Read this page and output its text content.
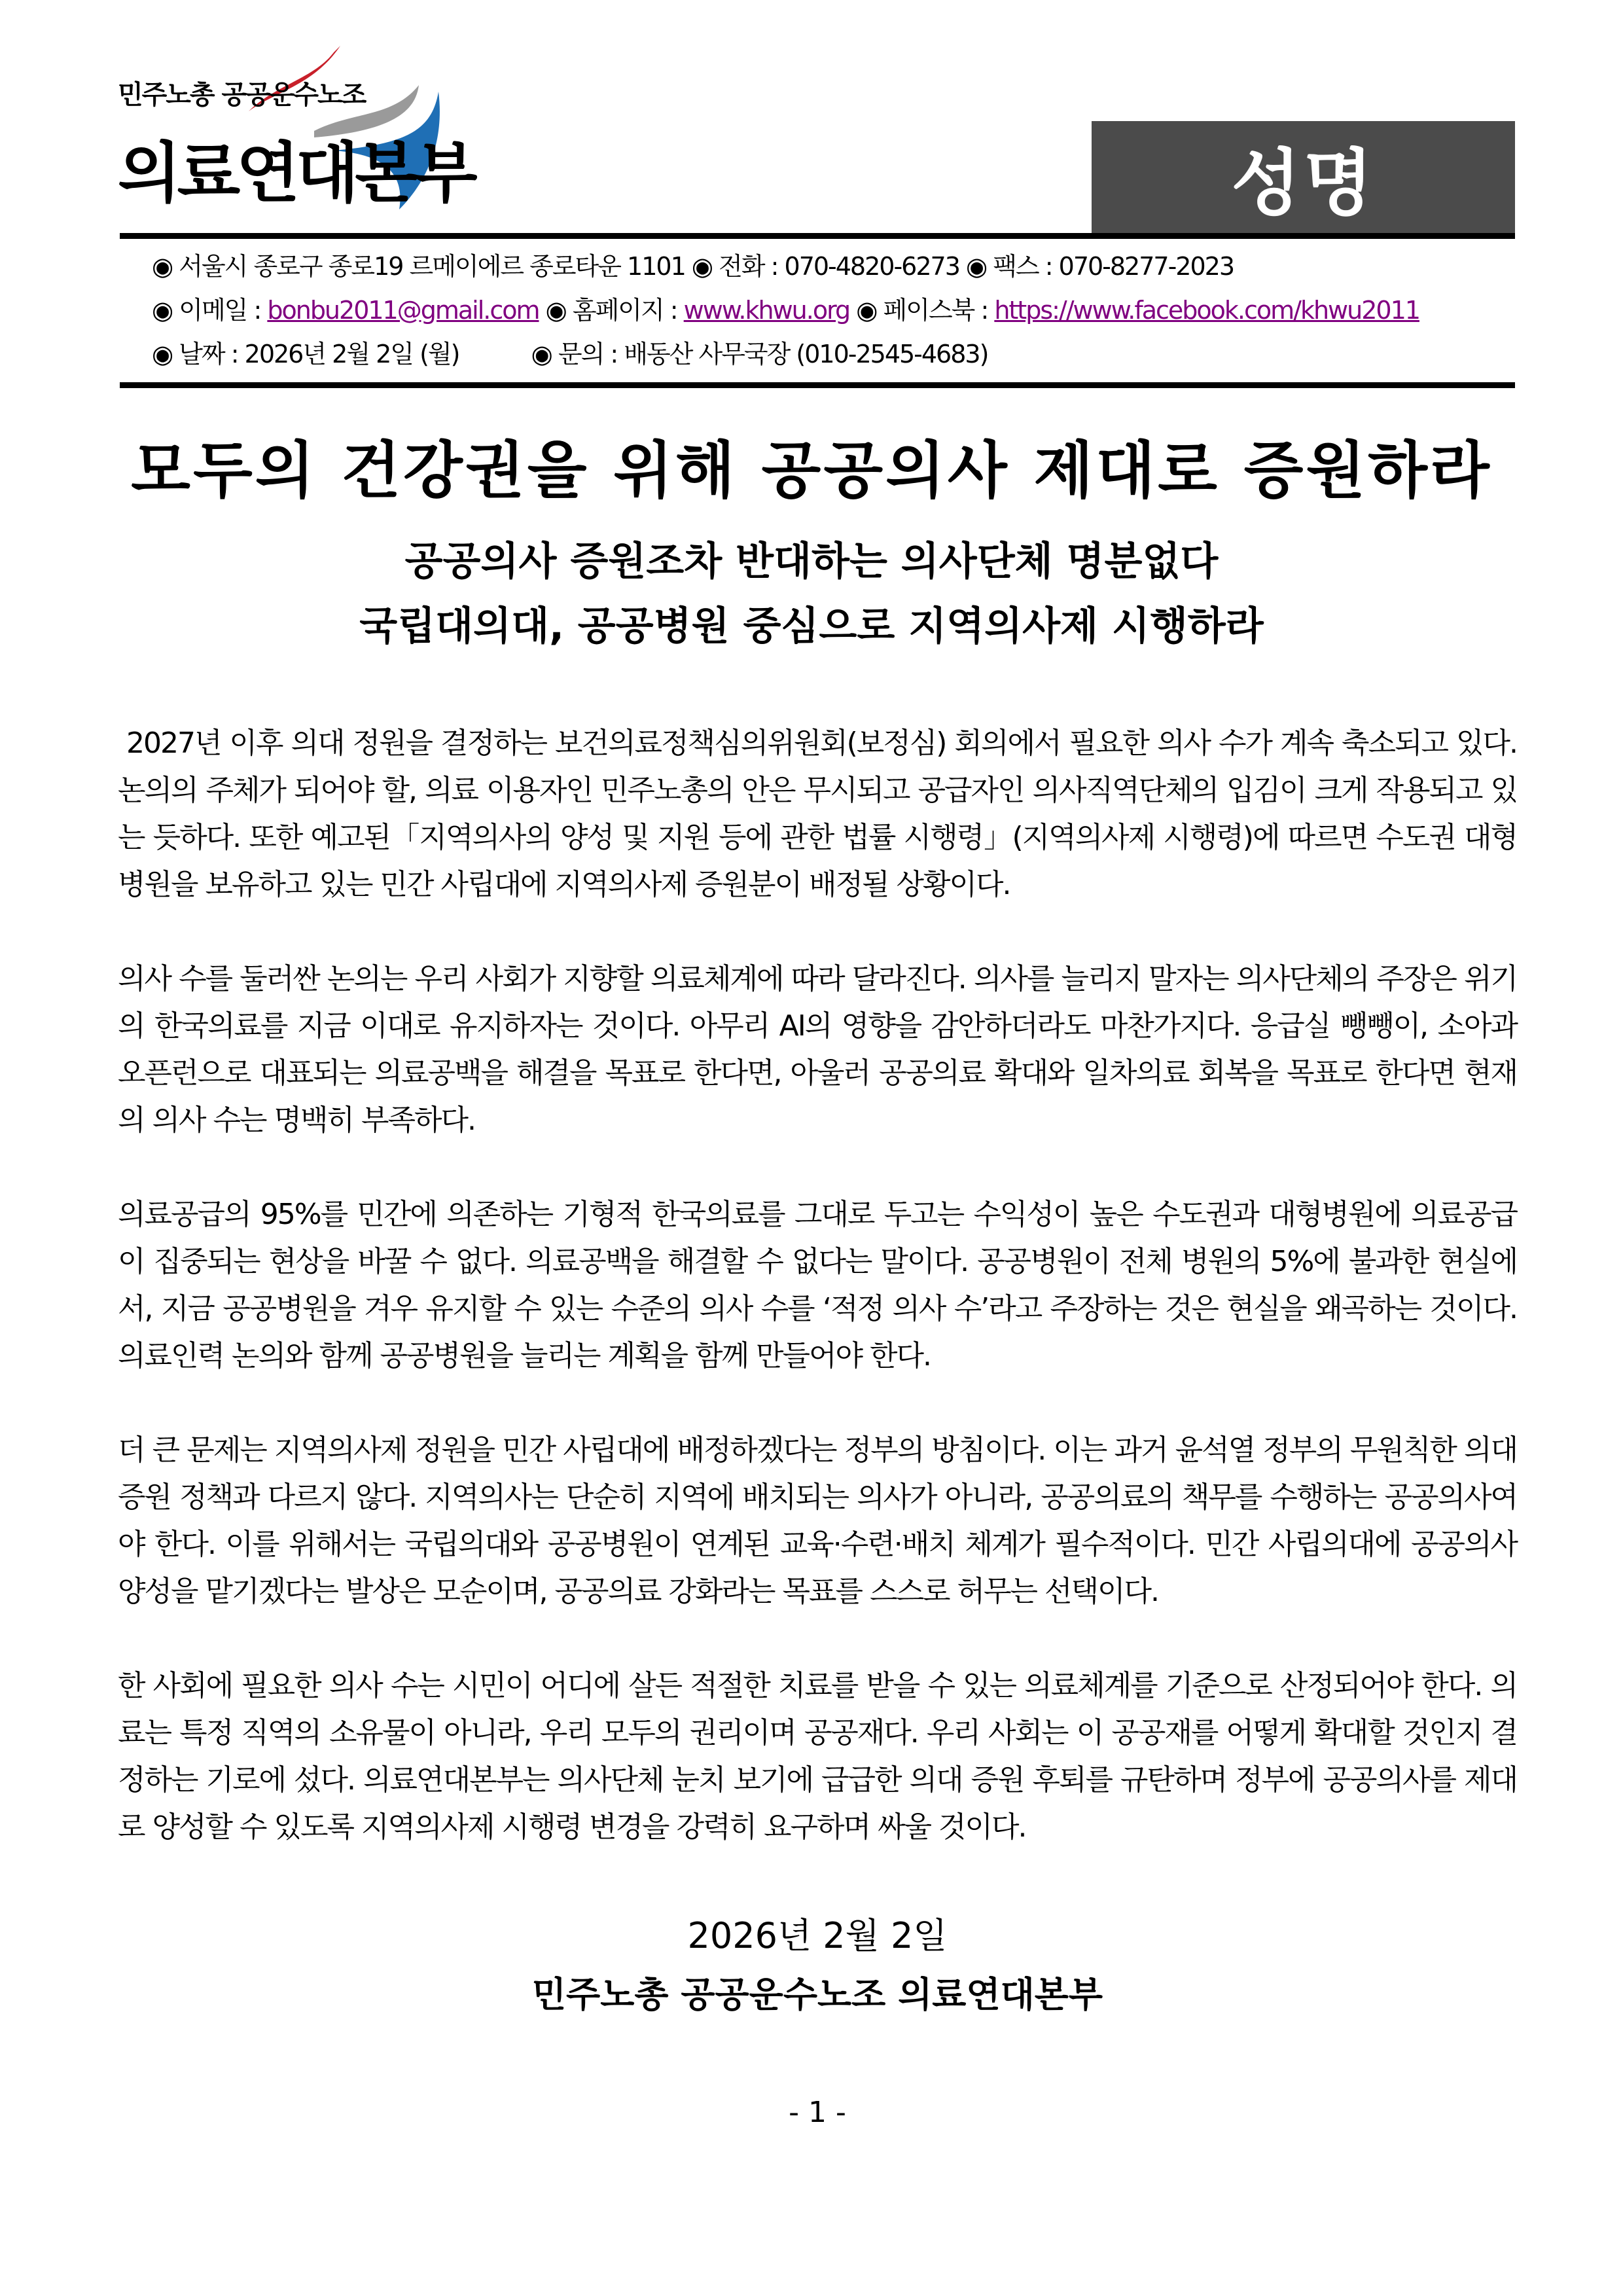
민주노총 공공운수노조
의료연대본부	성명
◉ 서울시 종로구 종로19 르메이에르 종로타운 1101 ◉ 전화 : 070-4820-6273 ◉ 팩스 : 070-8277-2023
◉ 이메일 : bonbu2011@gmail.com ◉ 홈페이지 : www.khwu.org ◉ 페이스북 : https://www.facebook.com/khwu2011
◉ 날짜 : 2026년 2월 2일 (월)	◉ 문의 : 배동산 사무국장 (010-2545-4683)
모두의 건강권을 위해 공공의사 제대로 증원하라
공공의사 증원조차 반대하는 의사단체 명분없다
국립대의대, 공공병원 중심으로 지역의사제 시행하라

2027년 이후 의대 정원을 결정하는 보건의료정책심의위원회(보정심) 회의에서 필요한 의사 수가 계속 축소되고 있다. 논의의 주체가 되어야 할, 의료 이용자인 민주노총의 안은 무시되고 공급자인 의사직역단체의 입김이 크게 작용되고 있는 듯하다. 또한 예고된「지역의사의 양성 및 지원 등에 관한 법률 시행령」(지역의사제 시행령)에 따르면 수도권 대형병원을 보유하고 있는 민간 사립대에 지역의사제 증원분이 배정될 상황이다.

의사 수를 둘러싼 논의는 우리 사회가 지향할 의료체계에 따라 달라진다. 의사를 늘리지 말자는 의사단체의 주장은 위기의 한국의료를 지금 이대로 유지하자는 것이다. 아무리 AI의 영향을 감안하더라도 마찬가지다. 응급실 뺑뺑이, 소아과 오픈런으로 대표되는 의료공백을 해결을 목표로 한다면, 아울러 공공의료 확대와 일차의료 회복을 목표로 한다면 현재의 의사 수는 명백히 부족하다.

의료공급의 95%를 민간에 의존하는 기형적 한국의료를 그대로 두고는 수익성이 높은 수도권과 대형병원에 의료공급이 집중되는 현상을 바꿀 수 없다. 의료공백을 해결할 수 없다는 말이다. 공공병원이 전체 병원의 5%에 불과한 현실에서, 지금 공공병원을 겨우 유지할 수 있는 수준의 의사 수를 ‘적정 의사 수’라고 주장하는 것은 현실을 왜곡하는 것이다. 의료인력 논의와 함께 공공병원을 늘리는 계획을 함께 만들어야 한다.

더 큰 문제는 지역의사제 정원을 민간 사립대에 배정하겠다는 정부의 방침이다. 이는 과거 윤석열 정부의 무원칙한 의대 증원 정책과 다르지 않다. 지역의사는 단순히 지역에 배치되는 의사가 아니라, 공공의료의 책무를 수행하는 공공의사여야 한다. 이를 위해서는 국립의대와 공공병원이 연계된 교육·수련·배치 체계가 필수적이다. 민간 사립의대에 공공의사 양성을 맡기겠다는 발상은 모순이며, 공공의료 강화라는 목표를 스스로 허무는 선택이다.

한 사회에 필요한 의사 수는 시민이 어디에 살든 적절한 치료를 받을 수 있는 의료체계를 기준으로 산정되어야 한다. 의료는 특정 직역의 소유물이 아니라, 우리 모두의 권리이며 공공재다. 우리 사회는 이 공공재를 어떻게 확대할 것인지 결정하는 기로에 섰다. 의료연대본부는 의사단체 눈치 보기에 급급한 의대 증원 후퇴를 규탄하며 정부에 공공의사를 제대로 양성할 수 있도록 지역의사제 시행령 변경을 강력히 요구하며 싸울 것이다.

2026년 2월 2일
민주노총 공공운수노조 의료연대본부
- 1 -
